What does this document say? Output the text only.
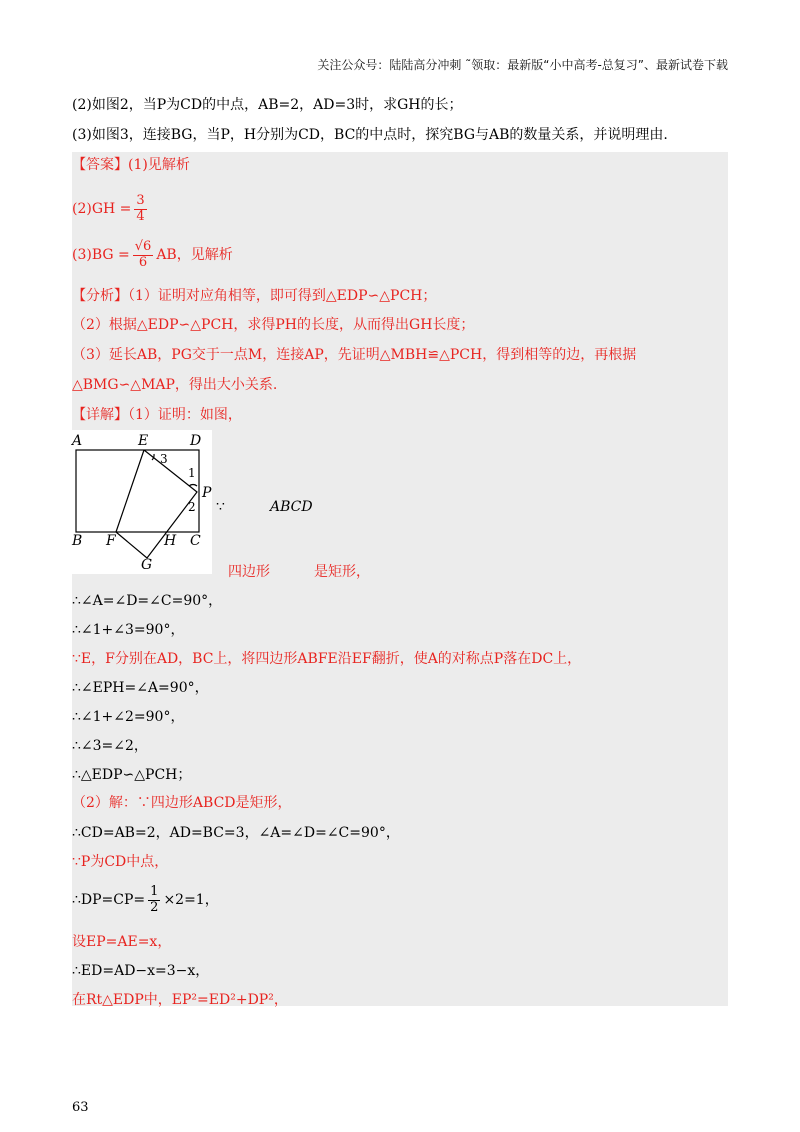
关注公众号：陆陆高分冲刺 ˜领取：最新版“小中高考-总复习”、最新试卷下载
(2)如图2，当P为CD的中点，AB=2，AD=3时，求GH的长；
(3)如图3，连接BG，当P，H分别为CD，BC的中点时，探究BG与AB的数量关系，并说明理由.
【答案】(1)见解析
$(2)GH = \frac{3}{4}$
$(3)BG = \frac{√6}{6}$ AB，见解析
【分析】（1）证明对应角相等，即可得到△EDP∽△PCH；
（2）根据△EDP∽△PCH，求得PH的长度，从而得出GH长度；
（3）延长AB，PG交于一点M，连接AP，先证明△MBH≌△PCH，得到相等的边，再根据
△BMG∽△MAP，得出大小关系.
【详解】（1）证明：如图，
A	E	D
B F	H C
G
P
1
2
3
∵	ABCD
四边形	是矩形，
∴∠A=∠D=∠C=90°，
∴∠1+∠3=90°，
∵E，F分别在AD，BC上，将四边形ABFE沿EF翻折，使A的对称点P落在DC上，
∴∠EPH=∠A=90°，
∴∠1+∠2=90°，
∴∠3=∠2，
∴△EDP∽△PCH；
（2）解：∵四边形ABCD是矩形，
∴CD=AB=2，AD=BC=3，∠A=∠D=∠C=90°，
∵P为CD中点，
∴DP=CP= $\frac{1}{2} \times 2=1$，
设EP=AE=x，
∴ED=AD−x=3−x，
在Rt△EDP中，EP²=ED²+DP²，
63
